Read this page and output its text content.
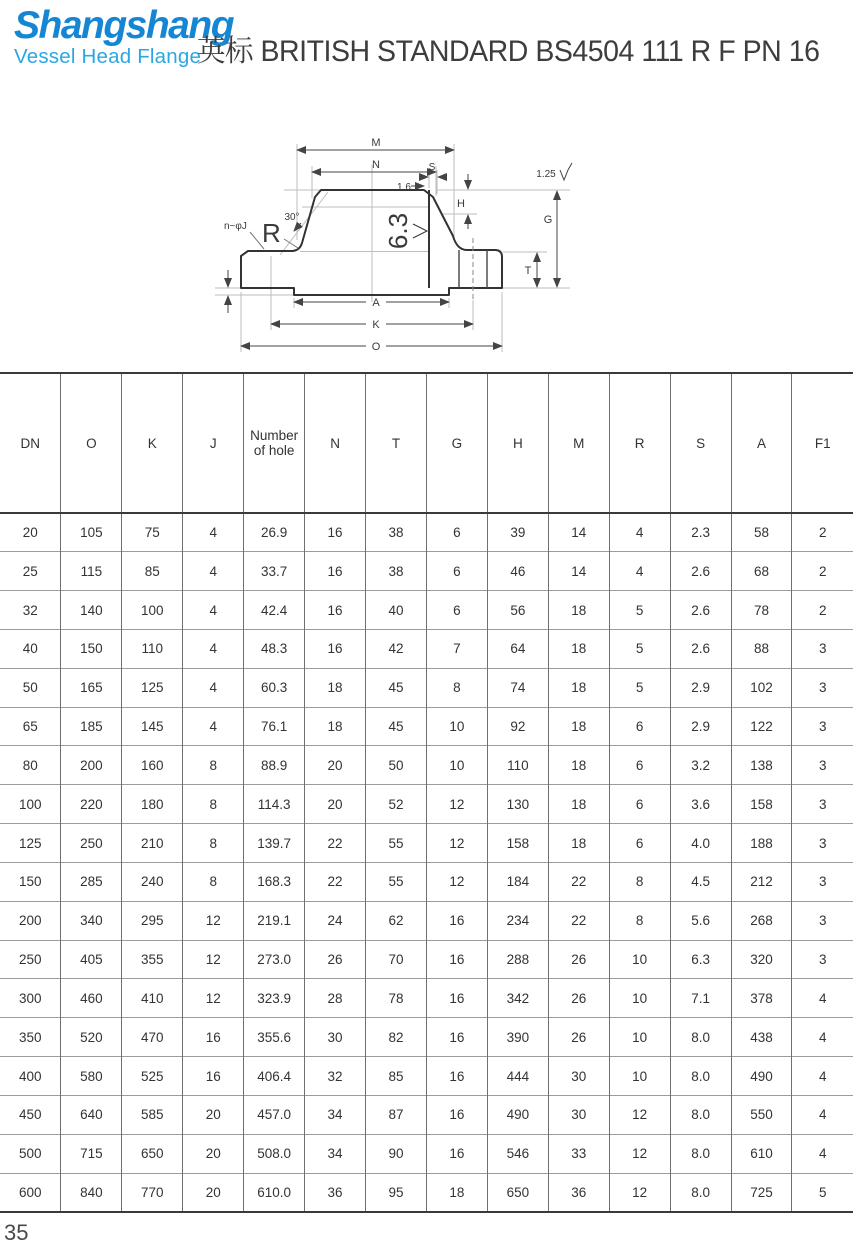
Shangshang
Vessel Head Flange
英标 BRITISH STANDARD BS4504 111 R F PN 16
M
N	S
1.6
H
G
1.25
T
A
K
O
30°
n~φJ R	6.3
DN	O	K	J	Number of hole	N	T	G	H	M	R	S	A	F1
20	105	75	4	26.9	16	38	6	39	14	4	2.3	58	2
25	115	85	4	33.7	16	38	6	46	14	4	2.6	68	2
32	140	100	4	42.4	16	40	6	56	18	5	2.6	78	2
40	150	110	4	48.3	16	42	7	64	18	5	2.6	88	3
50	165	125	4	60.3	18	45	8	74	18	5	2.9	102	3
65	185	145	4	76.1	18	45	10	92	18	6	2.9	122	3
80	200	160	8	88.9	20	50	10	110	18	6	3.2	138	3
100	220	180	8	114.3	20	52	12	130	18	6	3.6	158	3
125	250	210	8	139.7	22	55	12	158	18	6	4.0	188	3
150	285	240	8	168.3	22	55	12	184	22	8	4.5	212	3
200	340	295	12	219.1	24	62	16	234	22	8	5.6	268	3
250	405	355	12	273.0	26	70	16	288	26	10	6.3	320	3
300	460	410	12	323.9	28	78	16	342	26	10	7.1	378	4
350	520	470	16	355.6	30	82	16	390	26	10	8.0	438	4
400	580	525	16	406.4	32	85	16	444	30	10	8.0	490	4
450	640	585	20	457.0	34	87	16	490	30	12	8.0	550	4
500	715	650	20	508.0	34	90	16	546	33	12	8.0	610	4
600	840	770	20	610.0	36	95	18	650	36	12	8.0	725	5
35
